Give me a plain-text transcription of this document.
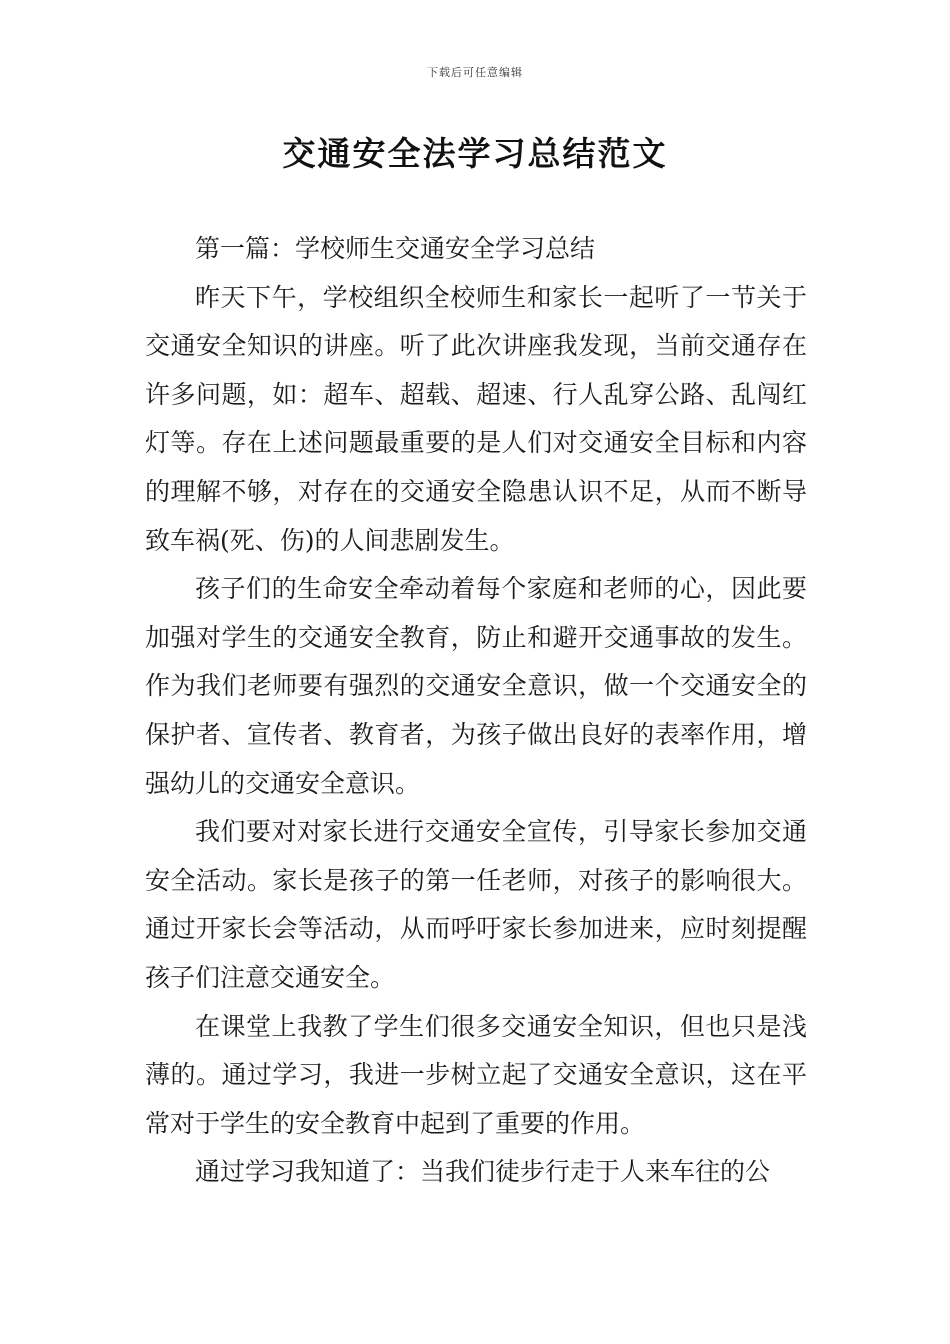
下载后可任意编辑
交通安全法学习总结范文

第一篇：学校师生交通安全学习总结

昨天下午，学校组织全校师生和家长一起听了一节关于交通安全知识的讲座。听了此次讲座我发现，当前交通存在许多问题，如：超车、超载、超速、行人乱穿公路、乱闯红灯等。存在上述问题最重要的是人们对交通安全目标和内容的理解不够，对存在的交通安全隐患认识不足，从而不断导致车祸(死、伤)的人间悲剧发生。

孩子们的生命安全牵动着每个家庭和老师的心，因此要加强对学生的交通安全教育，防止和避开交通事故的发生。作为我们老师要有强烈的交通安全意识，做一个交通安全的保护者、宣传者、教育者，为孩子做出良好的表率作用，增强幼儿的交通安全意识。

我们要对对家长进行交通安全宣传，引导家长参加交通安全活动。家长是孩子的第一任老师，对孩子的影响很大。通过开家长会等活动，从而呼吁家长参加进来，应时刻提醒孩子们注意交通安全。

在课堂上我教了学生们很多交通安全知识，但也只是浅薄的。通过学习，我进一步树立起了交通安全意识，这在平常对于学生的安全教育中起到了重要的作用。

通过学习我知道了：当我们徒步行走于人来车往的公
